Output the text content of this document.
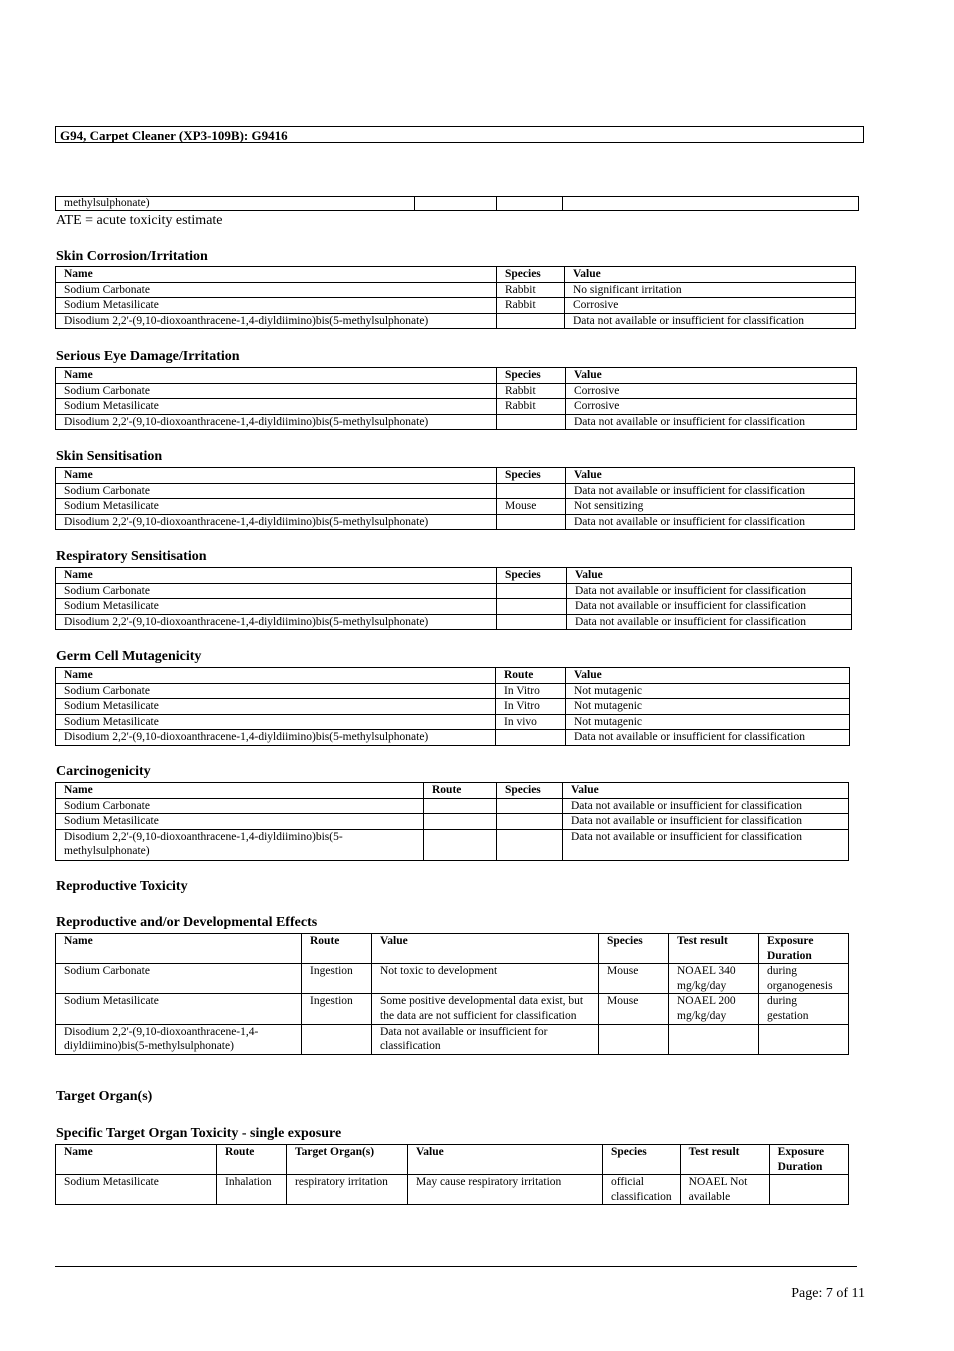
G94, Carpet Cleaner (XP3-109B): G9416
methylsulphonate)			
ATE = acute toxicity estimate
Skin Corrosion/Irritation
Name	Species	Value
Sodium Carbonate	Rabbit	No significant irritation
Sodium Metasilicate	Rabbit	Corrosive
Disodium 2,2'-(9,10-dioxoanthracene-1,4-diyldiimino)bis(5-methylsulphonate)		Data not available or insufficient for classification
Serious Eye Damage/Irritation
Name	Species	Value
Sodium Carbonate	Rabbit	Corrosive
Sodium Metasilicate	Rabbit	Corrosive
Disodium 2,2'-(9,10-dioxoanthracene-1,4-diyldiimino)bis(5-methylsulphonate)		Data not available or insufficient for classification
Skin Sensitisation
Name	Species	Value
Sodium Carbonate		Data not available or insufficient for classification
Sodium Metasilicate	Mouse	Not sensitizing
Disodium 2,2'-(9,10-dioxoanthracene-1,4-diyldiimino)bis(5-methylsulphonate)		Data not available or insufficient for classification
Respiratory Sensitisation
Name	Species	Value
Sodium Carbonate		Data not available or insufficient for classification
Sodium Metasilicate		Data not available or insufficient for classification
Disodium 2,2'-(9,10-dioxoanthracene-1,4-diyldiimino)bis(5-methylsulphonate)		Data not available or insufficient for classification
Germ Cell Mutagenicity
Name	Route	Value
Sodium Carbonate	In Vitro	Not mutagenic
Sodium Metasilicate	In Vitro	Not mutagenic
Sodium Metasilicate	In vivo	Not mutagenic
Disodium 2,2'-(9,10-dioxoanthracene-1,4-diyldiimino)bis(5-methylsulphonate)		Data not available or insufficient for classification
Carcinogenicity
Name	Route	Species	Value
Sodium Carbonate			Data not available or insufficient for classification
Sodium Metasilicate			Data not available or insufficient for classification
Disodium 2,2'-(9,10-dioxoanthracene-1,4-diyldiimino)bis(5-methylsulphonate)			Data not available or insufficient for classification
Reproductive Toxicity
Reproductive and/or Developmental Effects
Name	Route	Value	Species	Test result	Exposure Duration
Sodium Carbonate	Ingestion	Not toxic to development	Mouse	NOAEL 340 mg/kg/day	during organogenesis
Sodium Metasilicate	Ingestion	Some positive developmental data exist, but the data are not sufficient for classification	Mouse	NOAEL 200 mg/kg/day	during gestation
Disodium 2,2'-(9,10-dioxoanthracene-1,4-diyldiimino)bis(5-methylsulphonate)		Data not available or insufficient for classification			
Target Organ(s)
Specific Target Organ Toxicity - single exposure
Name	Route	Target Organ(s)	Value	Species	Test result	Exposure Duration
Sodium Metasilicate	Inhalation	respiratory irritation	May cause respiratory irritation	official classification	NOAEL Not available	
Page: 7 of 11
